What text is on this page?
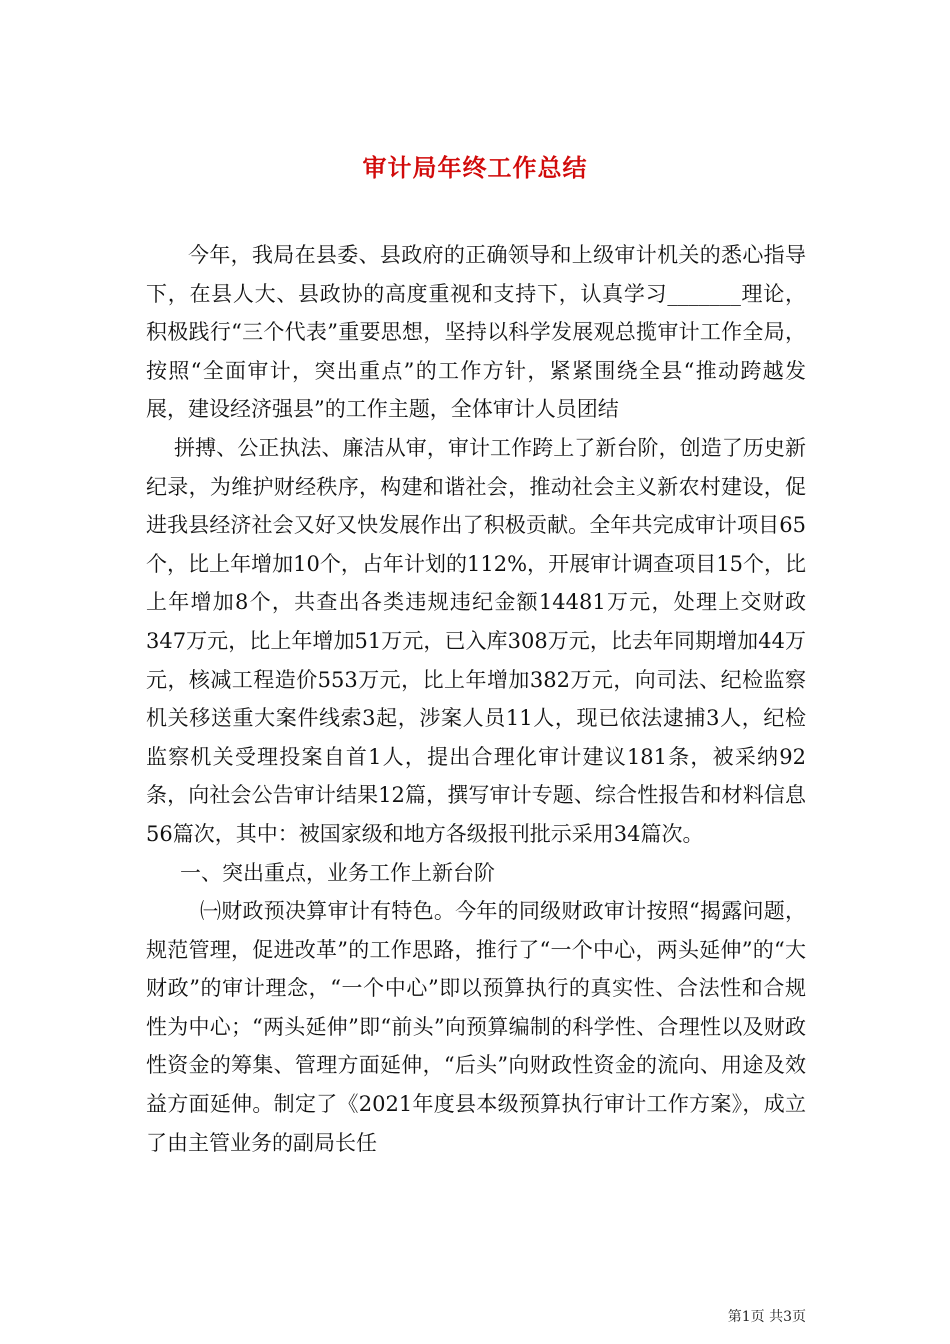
审计局年终工作总结

今年，我局在县委、县政府的正确领导和上级审计机关的悉心指导下，在县人大、县政协的高度重视和支持下，认真学习_______理论，积极践行“三个代表”重要思想，坚持以科学发展观总揽审计工作全局，按照“全面审计，突出重点”的工作方针，紧紧围绕全县“推动跨越发展，建设经济强县”的工作主题，全体审计人员团结

拼搏、公正执法、廉洁从审，审计工作跨上了新台阶，创造了历史新纪录，为维护财经秩序，构建和谐社会，推动社会主义新农村建设，促进我县经济社会又好又快发展作出了积极贡献。全年共完成审计项目65个，比上年增加10个，占年计划的112%，开展审计调查项目15个，比上年增加8个，共查出各类违规违纪金额14481万元，处理上交财政347万元，比上年增加51万元，已入库308万元，比去年同期增加44万元，核减工程造价553万元，比上年增加382万元，向司法、纪检监察机关移送重大案件线索3起，涉案人员11人，现已依法逮捕3人，纪检监察机关受理投案自首1人，提出合理化审计建议181条，被采纳92条，向社会公告审计结果12篇，撰写审计专题、综合性报告和材料信息56篇次，其中：被国家级和地方各级报刊批示采用34篇次。

一、突出重点，业务工作上新台阶

㈠财政预决算审计有特色。今年的同级财政审计按照“揭露问题，规范管理，促进改革”的工作思路，推行了“一个中心，两头延伸”的“大财政”的审计理念，“一个中心”即以预算执行的真实性、合法性和合规性为中心；“两头延伸”即“前头”向预算编制的科学性、合理性以及财政性资金的筹集、管理方面延伸，“后头”向财政性资金的流向、用途及效益方面延伸。制定了《2021年度县本级预算执行审计工作方案》，成立了由主管业务的副局长任

第1页 共3页
